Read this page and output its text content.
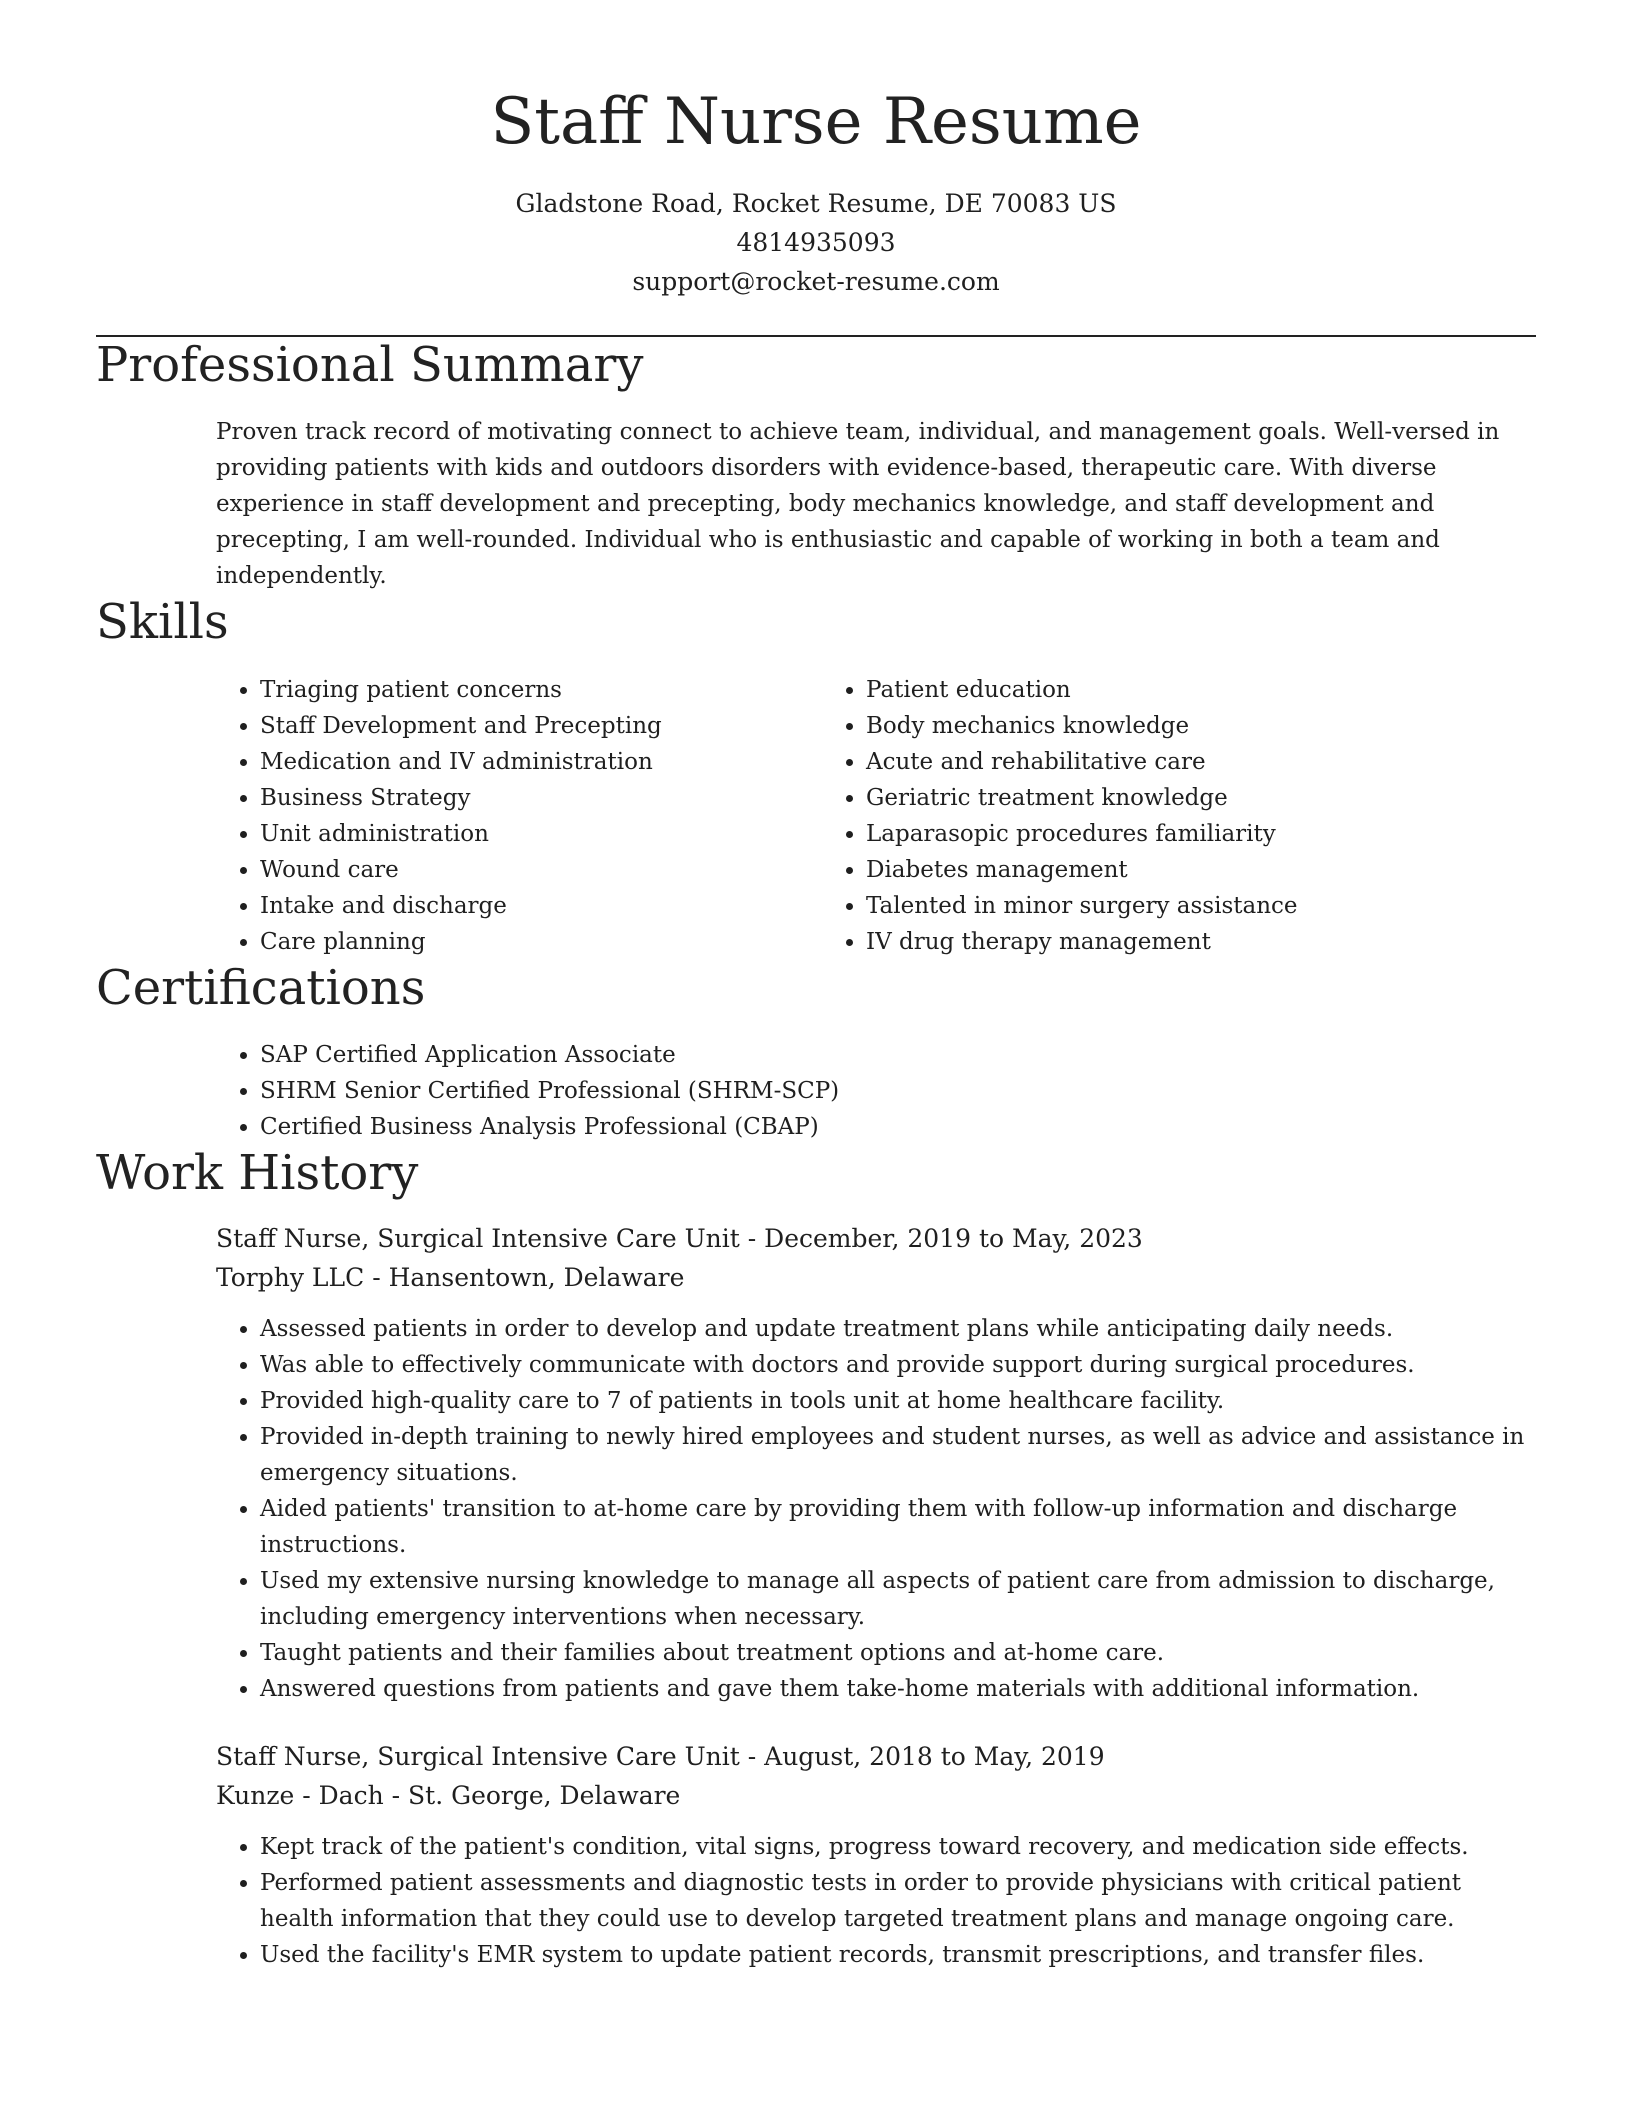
Staff Nurse Resume
Gladstone Road, Rocket Resume, DE 70083 US
4814935093
support@rocket-resume.com
Professional Summary

Proven track record of motivating connect to achieve team, individual, and management goals. Well-versed in providing patients with kids and outdoors disorders with evidence-based, therapeutic care. With diverse experience in staff development and precepting, body mechanics knowledge, and staff development and precepting, I am well-rounded. Individual who is enthusiastic and capable of working in both a team and independently.

Skills
• Triaging patient concerns
• Staff Development and Precepting
• Medication and IV administration
• Business Strategy
• Unit administration
• Wound care
• Intake and discharge
• Care planning
• Patient education
• Body mechanics knowledge
• Acute and rehabilitative care
• Geriatric treatment knowledge
• Laparasopic procedures familiarity
• Diabetes management
• Talented in minor surgery assistance
• IV drug therapy management
Certifications
• SAP Certified Application Associate
• SHRM Senior Certified Professional (SHRM-SCP)
• Certified Business Analysis Professional (CBAP)
Work History
Staff Nurse, Surgical Intensive Care Unit - December, 2019 to May, 2023
Torphy LLC - Hansentown, Delaware
• Assessed patients in order to develop and update treatment plans while anticipating daily needs.
• Was able to effectively communicate with doctors and provide support during surgical procedures.
• Provided high-quality care to 7 of patients in tools unit at home healthcare facility.
• Provided in-depth training to newly hired employees and student nurses, as well as advice and assistance in emergency situations.
• Aided patients' transition to at-home care by providing them with follow-up information and discharge instructions.
• Used my extensive nursing knowledge to manage all aspects of patient care from admission to discharge, including emergency interventions when necessary.
• Taught patients and their families about treatment options and at-home care.
• Answered questions from patients and gave them take-home materials with additional information.
Staff Nurse, Surgical Intensive Care Unit - August, 2018 to May, 2019
Kunze - Dach - St. George, Delaware
• Kept track of the patient's condition, vital signs, progress toward recovery, and medication side effects.
• Performed patient assessments and diagnostic tests in order to provide physicians with critical patient health information that they could use to develop targeted treatment plans and manage ongoing care.
• Used the facility's EMR system to update patient records, transmit prescriptions, and transfer files.
